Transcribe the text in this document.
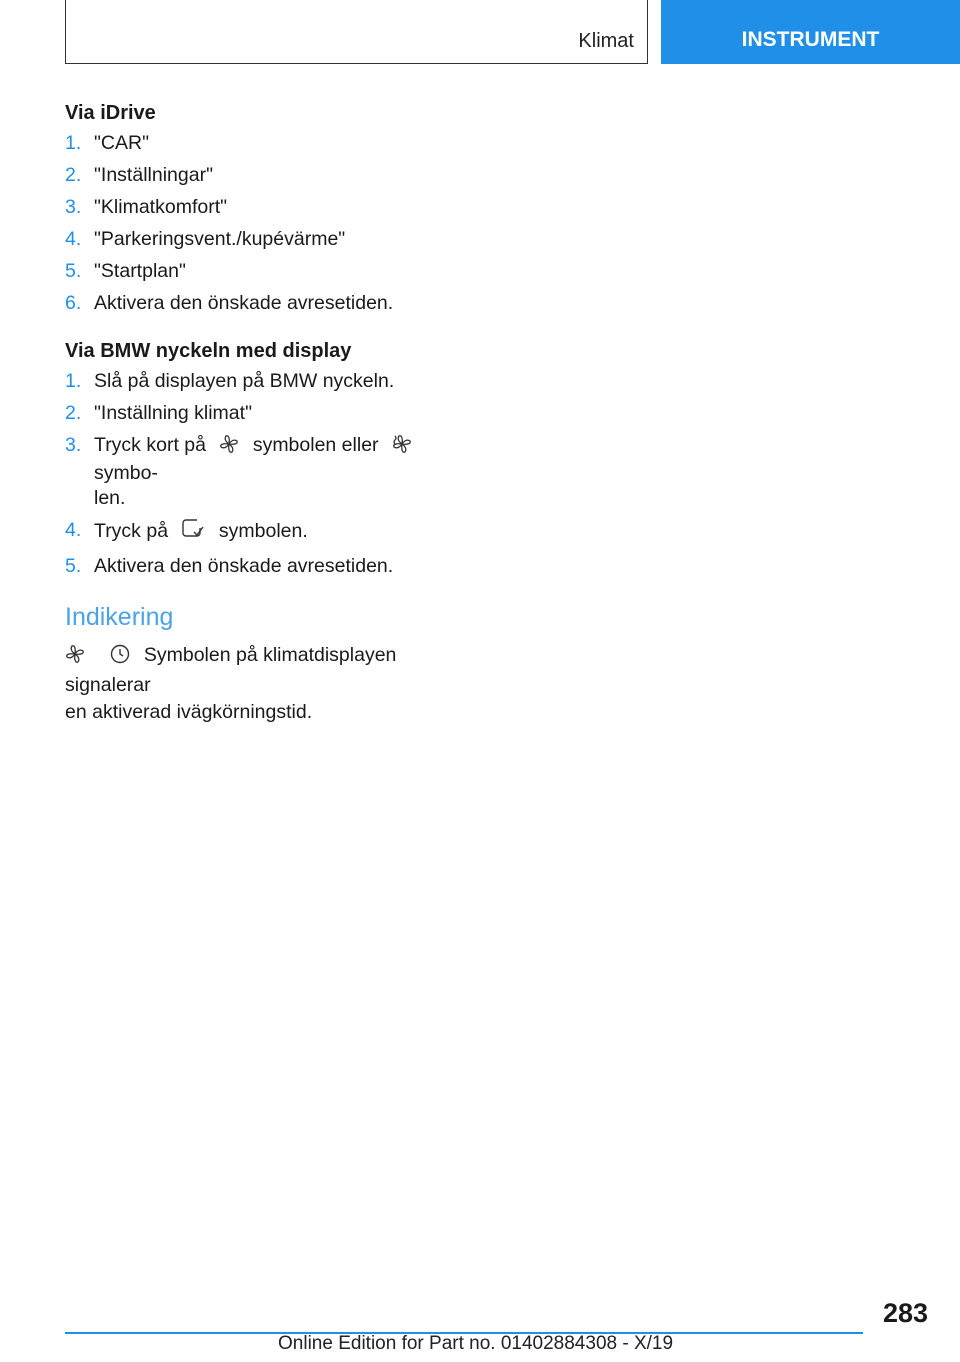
Klimat	INSTRUMENT
Via iDrive
1. "CAR"
2. "Inställningar"
3. "Klimatkomfort"
4. "Parkeringsvent./kupévärme"
5. "Startplan"
6. Aktivera den önskade avresetiden.
Via BMW nyckeln med display
1. Slå på displayen på BMW nyckeln.
2. "Inställning klimat"
3. Tryck kort på symbolen eller  symbo‐
len.
4. Tryck på	symbolen.
5. Aktivera den önskade avresetiden.
Indikering
Symbolen på klimatdisplayen signalerar
en aktiverad ivägkörningstid.
283
Online Edition for Part no. 01402884308 - X/19
